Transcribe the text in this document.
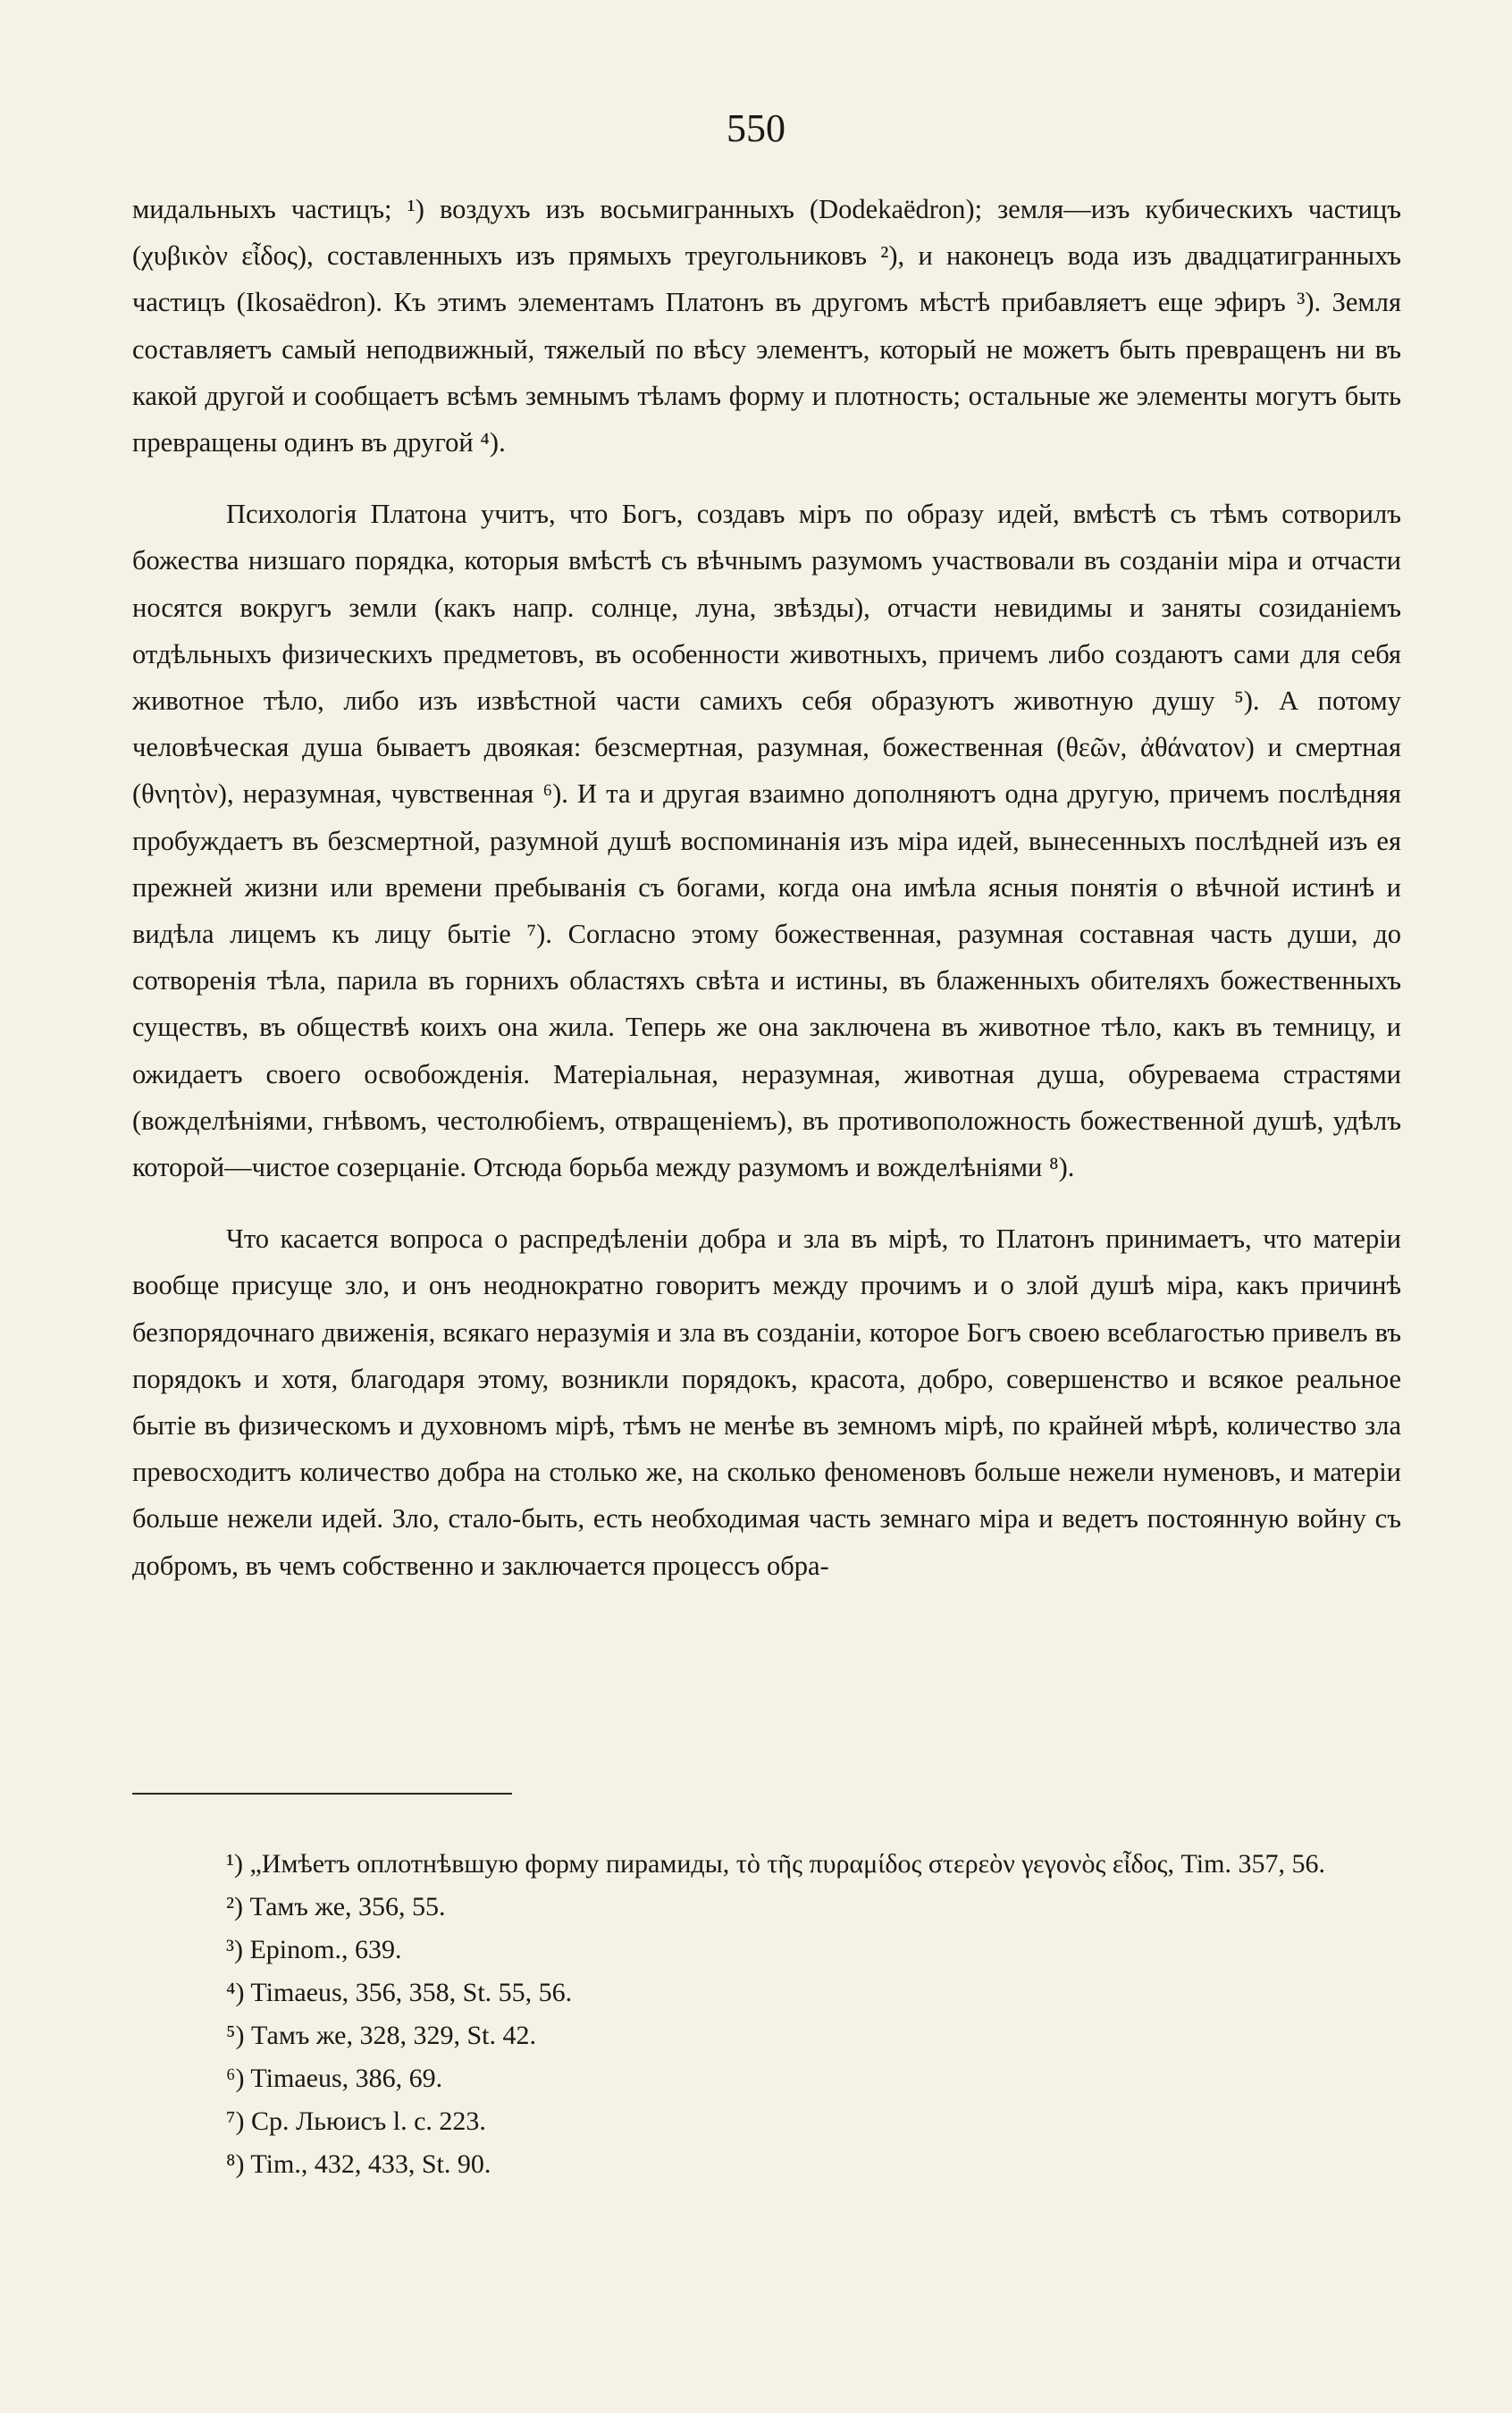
550

мидальныхъ частицъ; ¹) воздухъ изъ восьмигранныхъ (Dodekaëdron); земля—изъ кубическихъ частицъ (χυβικὸν εἶδος), составленныхъ изъ прямыхъ треугольниковъ ²), и наконецъ вода изъ двадцатигранныхъ частицъ (Ikosaëdron). Къ этимъ элементамъ Платонъ въ другомъ мѣстѣ прибавляетъ еще эфиръ ³). Земля составляетъ самый неподвижный, тяжелый по вѣсу элементъ, который не можетъ быть превращенъ ни въ какой другой и сообщаетъ всѣмъ земнымъ тѣламъ форму и плотность; остальные же элементы могутъ быть превращены одинъ въ другой ⁴).

Психологія Платона учитъ, что Богъ, создавъ міръ по образу идей, вмѣстѣ съ тѣмъ сотворилъ божества низшаго порядка, которыя вмѣстѣ съ вѣчнымъ разумомъ участвовали въ созданіи міра и отчасти носятся вокругъ земли (какъ напр. солнце, луна, звѣзды), отчасти невидимы и заняты созиданіемъ отдѣльныхъ физическихъ предметовъ, въ особенности животныхъ, причемъ либо создаютъ сами для себя животное тѣло, либо изъ извѣстной части самихъ себя образуютъ животную душу ⁵). А потому человѣческая душа бываетъ двоякая: безсмертная, разумная, божественная (θεῶν, ἀθάνατον) и смертная (θνητὸν), неразумная, чувственная ⁶). И та и другая взаимно дополняютъ одна другую, причемъ послѣдняя пробуждаетъ въ безсмертной, разумной душѣ воспоминанія изъ міра идей, вынесенныхъ послѣдней изъ ея прежней жизни или времени пребыванія съ богами, когда она имѣла ясныя понятія о вѣчной истинѣ и видѣла лицемъ къ лицу бытіе ⁷). Согласно этому божественная, разумная составная часть души, до сотворенія тѣла, парила въ горнихъ областяхъ свѣта и истины, въ блаженныхъ обителяхъ божественныхъ существъ, въ обществѣ коихъ она жила. Теперь же она заключена въ животное тѣло, какъ въ темницу, и ожидаетъ своего освобожденія. Матеріальная, неразумная, животная душа, обуреваема страстями (вожделѣніями, гнѣвомъ, честолюбіемъ, отвращеніемъ), въ противоположность божественной душѣ, удѣлъ которой—чистое созерцаніе. Отсюда борьба между разумомъ и вожделѣніями ⁸).

Что касается вопроса о распредѣленіи добра и зла въ мірѣ, то Платонъ принимаетъ, что матеріи вообще присуще зло, и онъ неоднократно говоритъ между прочимъ и о злой душѣ міра, какъ причинѣ безпорядочнаго движенія, всякаго неразумія и зла въ созданіи, которое Богъ своею всеблагостью привелъ въ порядокъ и хотя, благодаря этому, возникли порядокъ, красота, добро, совершенство и всякое реальное бытіе въ физическомъ и духовномъ мірѣ, тѣмъ не менѣе въ земномъ мірѣ, по крайней мѣрѣ, количество зла превосходитъ количество добра на столько же, на сколько феноменовъ больше нежели нуменовъ, и матеріи больше нежели идей. Зло, стало-быть, есть необходимая часть земнаго міра и ведетъ постоянную войну съ добромъ, въ чемъ собственно и заключается процессъ обра-

¹) „Имѣетъ оплотнѣвшую форму пирамиды, τὸ τῆς πυραμίδος στερεὸν γεγονὸς εἶδος, Tim. 357, 56.

²) Тамъ же, 356, 55.

³) Epinom., 639.

⁴) Timaeus, 356, 358, St. 55, 56.

⁵) Тамъ же, 328, 329, St. 42.

⁶) Timaeus, 386, 69.

⁷) Ср. Льюисъ l. c. 223.

⁸) Tim., 432, 433, St. 90.
